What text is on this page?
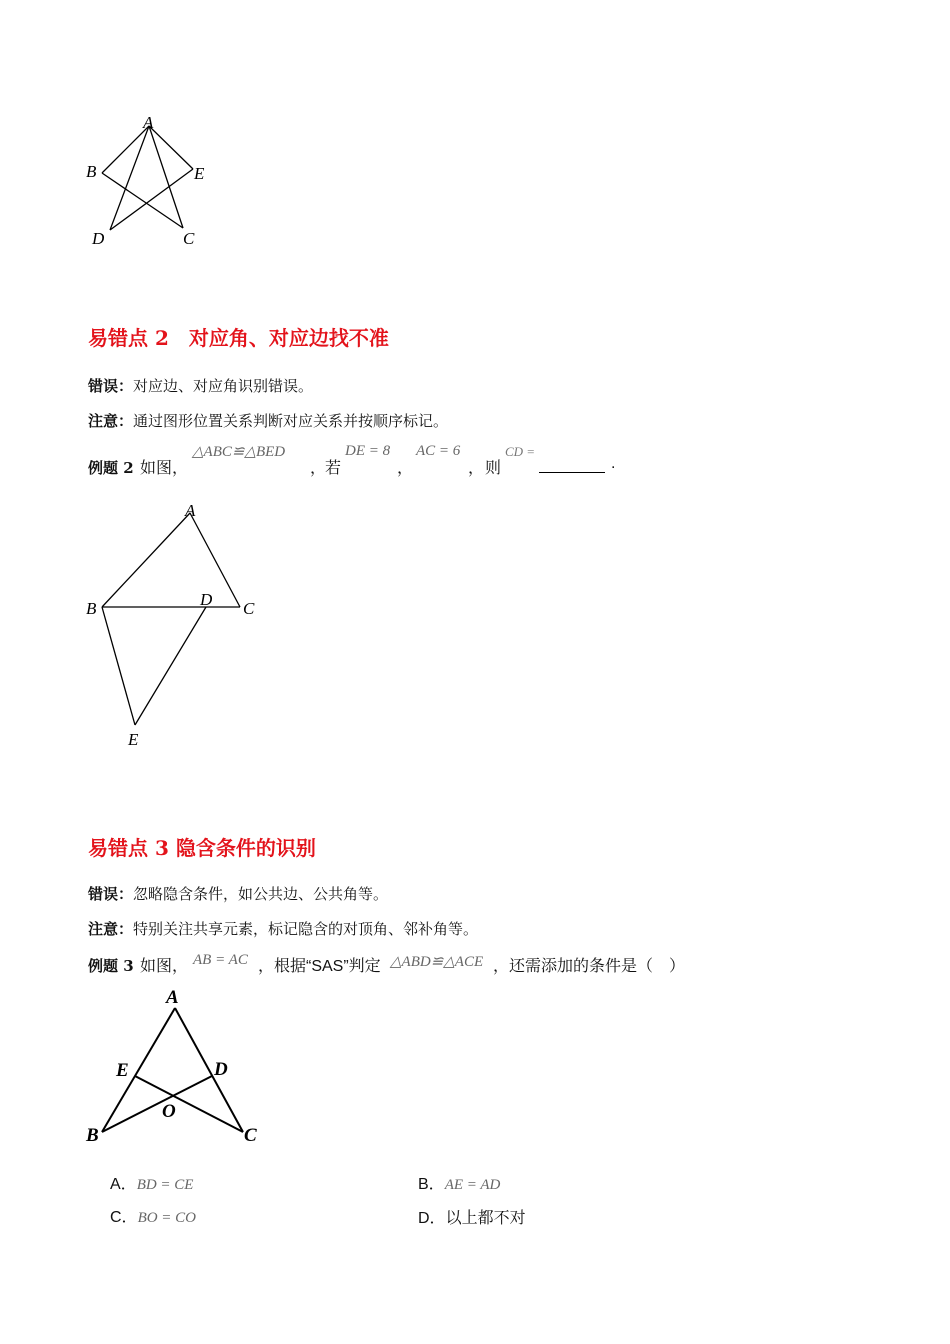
A
B	E
D	C
易错点 2　对应角、对应边找不准
错误：对应边、对应角识别错误。
注意：通过图形位置关系判断对应关系并按顺序标记。
例题 2 如图，
△ABC≌△BED
，
若
DE = 8
，
AC = 6
， 则
CD =
.
A
B	D C
E
易错点 3 隐含条件的识别
错误：忽略隐含条件，如公共边、公共角等。
注意：特别关注共享元素，标记隐含的对顶角、邻补角等。
例题 3 如图， AB = AC ，根据“SAS”判定 △ABD≌△ACE ，还需添加的条件是（　）
A
E	D
O
B	C
A．BD = CE	B．AE = AD
C．BO = CO	D．以上都不对
